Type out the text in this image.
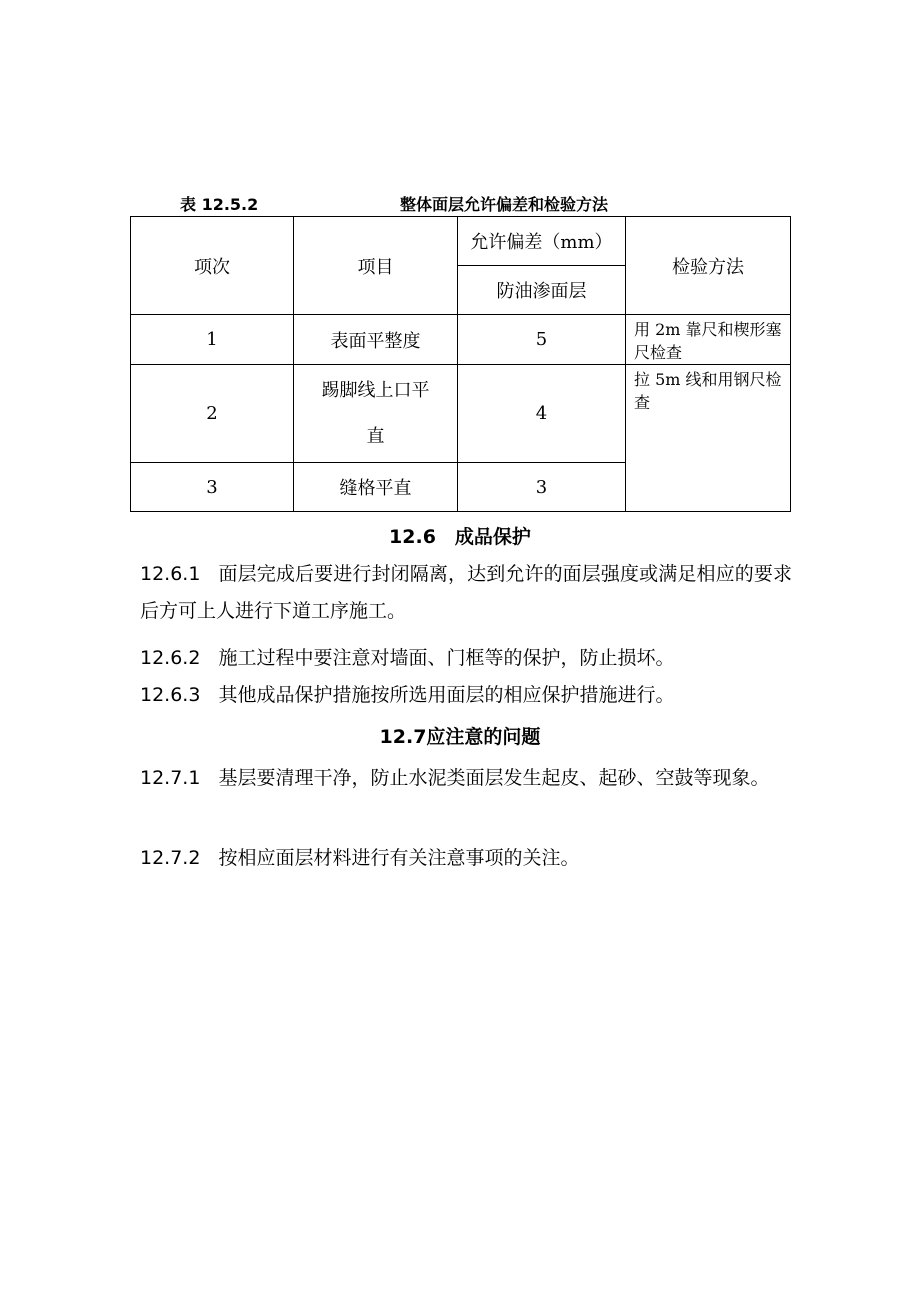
表 12.5.2	整体面层允许偏差和检验方法
项次	项目	允许偏差（mm）	检验方法
		防油渗面层	
1	表面平整度	5	用 2m 靠尺和楔形塞尺检查
2	踢脚线上口平直	4	拉 5m 线和用钢尺检查
3	缝格平直	3	
12.6　成品保护
12.6.1 面层完成后要进行封闭隔离，达到允许的面层强度或满足相应的要求后方可上人进行下道工序施工。
12.6.2 施工过程中要注意对墙面、门框等的保护，防止损坏。
12.6.3 其他成品保护措施按所选用面层的相应保护措施进行。
12.7应注意的问题
12.7.1 基层要清理干净，防止水泥类面层发生起皮、起砂、空鼓等现象。
12.7.2 按相应面层材料进行有关注意事项的关注。
